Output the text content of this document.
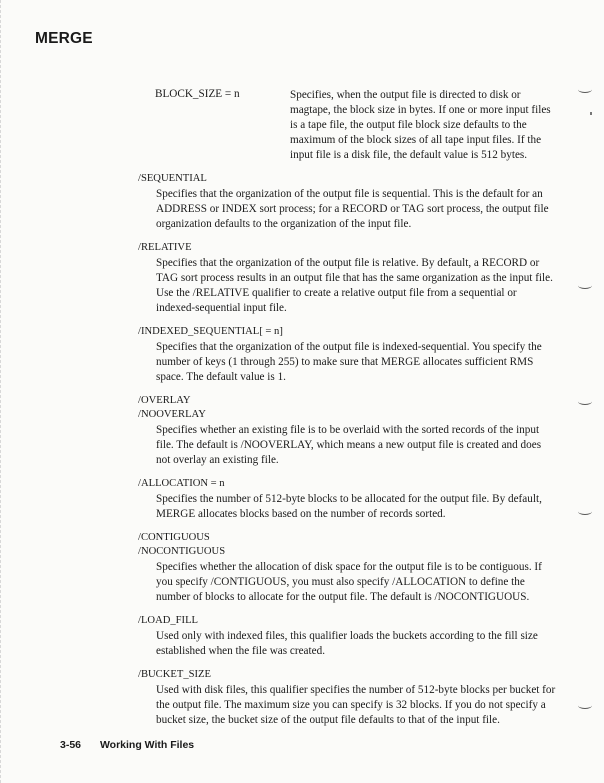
MERGE
BLOCK_SIZE = n	Specifies, when the output file is directed to disk or magtape, the block size in bytes. If one or more input files is a tape file, the output file block size defaults to the maximum of the block sizes of all tape input files. If the input file is a disk file, the default value is 512 bytes.
/SEQUENTIAL
Specifies that the organization of the output file is sequential. This is the default for an ADDRESS or INDEX sort process; for a RECORD or TAG sort process, the output file organization defaults to the organization of the input file.
/RELATIVE
Specifies that the organization of the output file is relative. By default, a RECORD or TAG sort process results in an output file that has the same organization as the input file. Use the /RELATIVE qualifier to create a relative output file from a sequential or indexed-sequential input file.
/INDEXED_SEQUENTIAL[ = n]
Specifies that the organization of the output file is indexed-sequential. You specify the number of keys (1 through 255) to make sure that MERGE allocates sufficient RMS space. The default value is 1.
/OVERLAY
/NOOVERLAY
Specifies whether an existing file is to be overlaid with the sorted records of the input file. The default is /NOOVERLAY, which means a new output file is created and does not overlay an existing file.
/ALLOCATION = n
Specifies the number of 512-byte blocks to be allocated for the output file. By default, MERGE allocates blocks based on the number of records sorted.
/CONTIGUOUS
/NOCONTIGUOUS
Specifies whether the allocation of disk space for the output file is to be contiguous. If you specify /CONTIGUOUS, you must also specify /ALLOCATION to define the number of blocks to allocate for the output file. The default is /NOCONTIGUOUS.
/LOAD_FILL
Used only with indexed files, this qualifier loads the buckets according to the fill size established when the file was created.
/BUCKET_SIZE
Used with disk files, this qualifier specifies the number of 512-byte blocks per bucket for the output file. The maximum size you can specify is 32 blocks. If you do not specify a bucket size, the bucket size of the output file defaults to that of the input file.
3-56 Working With Files
